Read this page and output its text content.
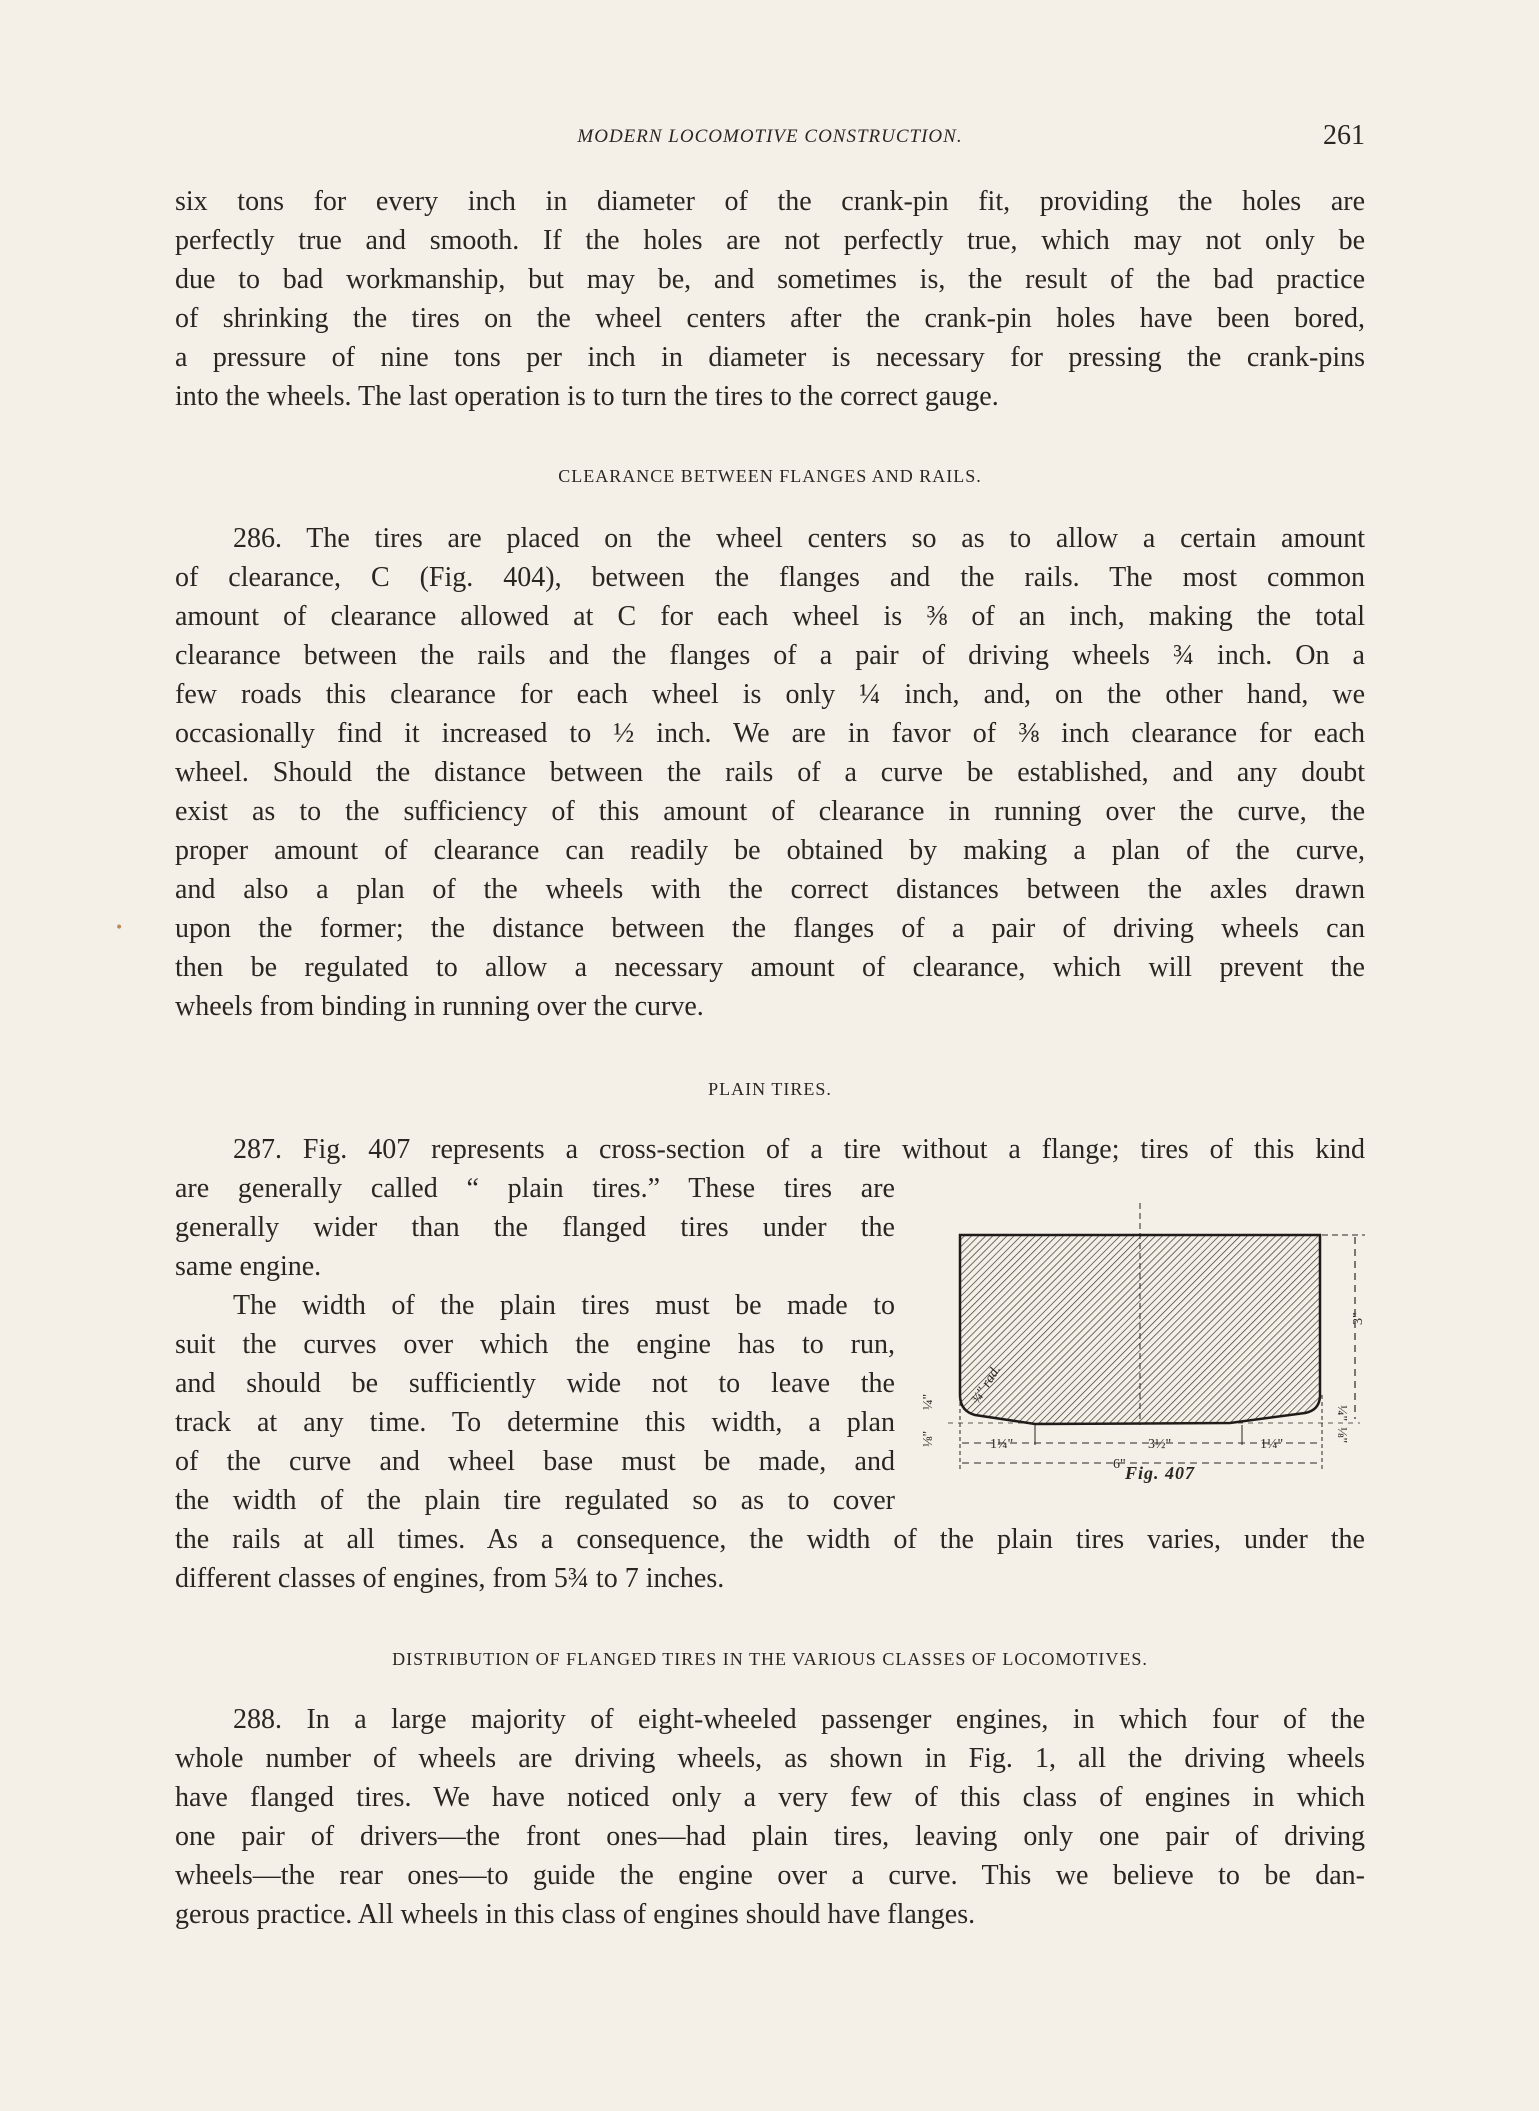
MODERN LOCOMOTIVE CONSTRUCTION.	261
six tons for every inch in diameter of the crank-pin fit, providing the holes are
perfectly true and smooth. If the holes are not perfectly true, which may not only be
due to bad workmanship, but may be, and sometimes is, the result of the bad practice
of shrinking the tires on the wheel centers after the crank-pin holes have been bored,
a pressure of nine tons per inch in diameter is necessary for pressing the crank-pins
into the wheels. The last operation is to turn the tires to the correct gauge.
CLEARANCE BETWEEN FLANGES AND RAILS.
286. The tires are placed on the wheel centers so as to allow a certain amount
of clearance, C (Fig. 404), between the flanges and the rails. The most common
amount of clearance allowed at C for each wheel is ⅜ of an inch, making the total
clearance between the rails and the flanges of a pair of driving wheels ¾ inch. On a
few roads this clearance for each wheel is only ¼ inch, and, on the other hand, we
occasionally find it increased to ½ inch. We are in favor of ⅜ inch clearance for each
wheel. Should the distance between the rails of a curve be established, and any doubt
exist as to the sufficiency of this amount of clearance in running over the curve, the
proper amount of clearance can readily be obtained by making a plan of the curve,
and also a plan of the wheels with the correct distances between the axles drawn
upon the former; the distance between the flanges of a pair of driving wheels can
then be regulated to allow a necessary amount of clearance, which will prevent the
wheels from binding in running over the curve.
•
PLAIN TIRES.
287. Fig. 407 represents a cross-section of a tire without a flange; tires of this kind
are generally called “ plain tires.” These tires are
generally wider than the flanged tires under the
same engine.
The width of the plain tires must be made to
suit the curves over which the engine has to run,
and should be sufficiently wide not to leave the
track at any time. To determine this width, a plan
of the curve and wheel base must be made, and
the width of the plain tire regulated so as to cover
the rails at all times. As a consequence, the width of the plain tires varies, under the
different classes of engines, from 5¾ to 7 inches.
3"
1¼"	3½"	1¼"
6"
¾" rad.
¼"
⅛"
¼"
⅛"
Fig. 407
DISTRIBUTION OF FLANGED TIRES IN THE VARIOUS CLASSES OF LOCOMOTIVES.
288. In a large majority of eight-wheeled passenger engines, in which four of the
whole number of wheels are driving wheels, as shown in Fig. 1, all the driving wheels
have flanged tires. We have noticed only a very few of this class of engines in which
one pair of drivers—the front ones—had plain tires, leaving only one pair of driving
wheels—the rear ones—to guide the engine over a curve. This we believe to be dan-
gerous practice. All wheels in this class of engines should have flanges.
